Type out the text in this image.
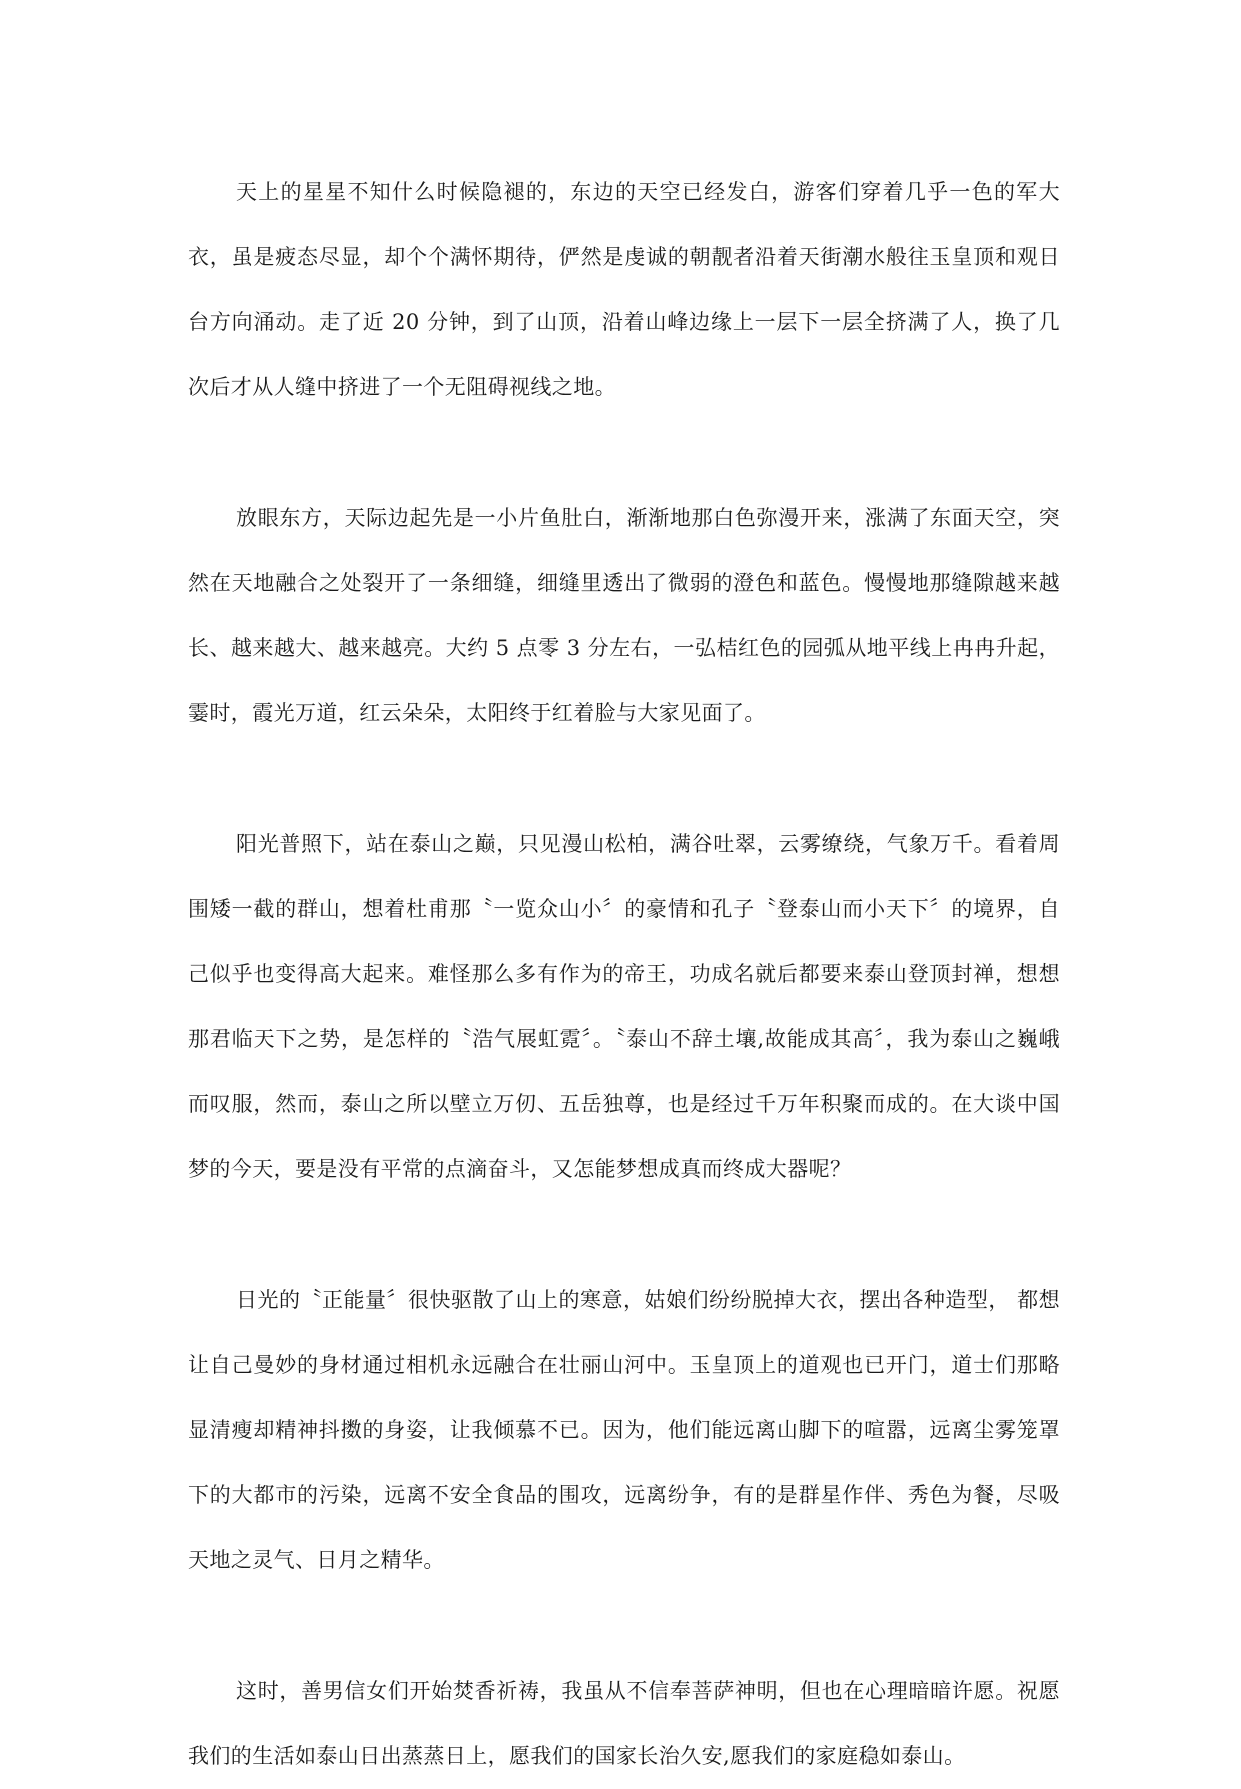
天上的星星不知什么时候隐褪的，东边的天空已经发白，游客们穿着几乎一色的军大衣，虽是疲态尽显，却个个满怀期待，俨然是虔诚的朝靓者沿着天街潮水般往玉皇顶和观日台方向涌动。走了近 20 分钟，到了山顶，沿着山峰边缘上一层下一层全挤满了人，换了几次后才从人缝中挤进了一个无阻碍视线之地。

放眼东方，天际边起先是一小片鱼肚白，渐渐地那白色弥漫开来，涨满了东面天空，突然在天地融合之处裂开了一条细缝，细缝里透出了微弱的澄色和蓝色。慢慢地那缝隙越来越长、越来越大、越来越亮。大约 5 点零 3 分左右，一弘桔红色的园弧从地平线上冉冉升起，霎时，霞光万道，红云朵朵，太阳终于红着脸与大家见面了。

阳光普照下，站在泰山之巅，只见漫山松柏，满谷吐翠，云雾缭绕，气象万千。看着周围矮一截的群山，想着杜甫那〝一览众山小〞的豪情和孔子〝登泰山而小天下〞的境界，自己似乎也变得高大起来。难怪那么多有作为的帝王，功成名就后都要来泰山登顶封禅，想想那君临天下之势，是怎样的〝浩气展虹霓〞。〝泰山不辞土壤,故能成其高〞，我为泰山之巍峨而叹服，然而，泰山之所以壁立万仞、五岳独尊，也是经过千万年积聚而成的。在大谈中国梦的今天，要是没有平常的点滴奋斗，又怎能梦想成真而终成大器呢？

日光的〝正能量〞很快驱散了山上的寒意，姑娘们纷纷脱掉大衣，摆出各种造型， 都想让自己曼妙的身材通过相机永远融合在壮丽山河中。玉皇顶上的道观也已开门，道士们那略显清瘦却精神抖擞的身姿，让我倾慕不已。因为，他们能远离山脚下的喧嚣，远离尘雾笼罩下的大都市的污染，远离不安全食品的围攻，远离纷争，有的是群星作伴、秀色为餐，尽吸天地之灵气、日月之精华。

这时，善男信女们开始焚香祈祷，我虽从不信奉菩萨神明，但也在心理暗暗许愿。祝愿我们的生活如泰山日出蒸蒸日上，愿我们的国家长治久安,愿我们的家庭稳如泰山。
